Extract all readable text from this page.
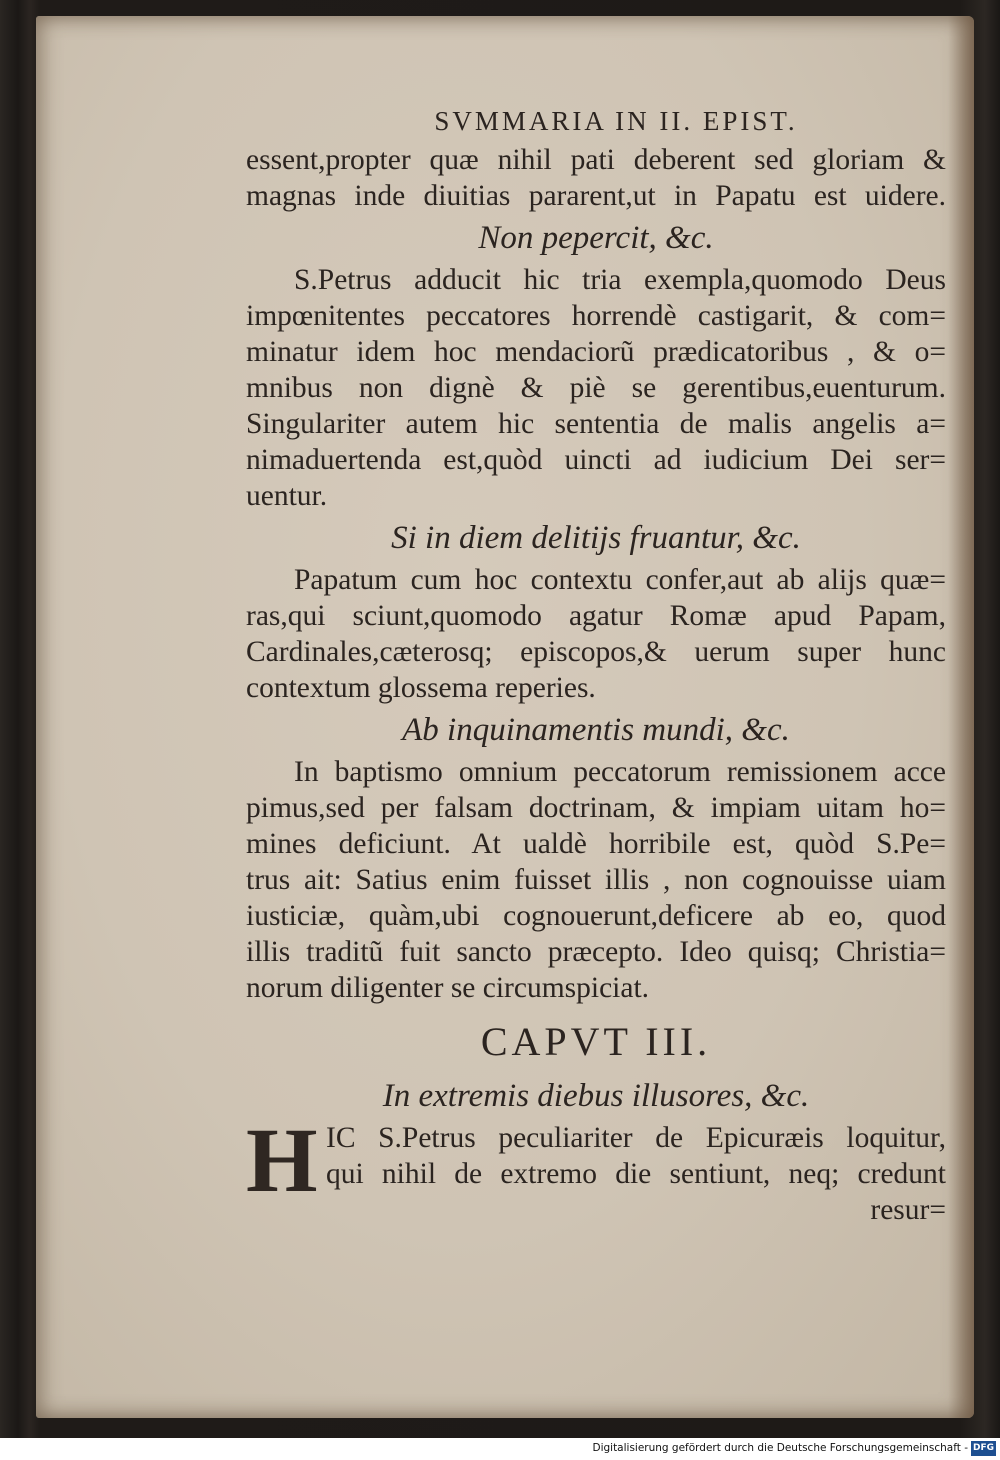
SVMMARIA IN II. EPIST.
essent,propter quæ nihil pati deberent sed gloriam &
magnas inde diuitias pararent,ut in Papatu est uidere.
Non pepercit, &c.
S.Petrus adducit hic tria exempla,quomodo Deus
impœnitentes peccatores horrendè castigarit, & com=
minatur idem hoc mendaciorũ prædicatoribus , & o=
mnibus non dignè & piè se gerentibus,euenturum.
Singulariter autem hic sententia de malis angelis a=
nimaduertenda est,quòd uincti ad iudicium Dei ser=
uentur.
Si in diem delitijs fruantur, &c.
Papatum cum hoc contextu confer,aut ab alijs quæ=
ras,qui sciunt,quomodo agatur Romæ apud Papam,
Cardinales,cæterosq; episcopos,& uerum super hunc
contextum glossema reperies.
Ab inquinamentis mundi, &c.
In baptismo omnium peccatorum remissionem acce
pimus,sed per falsam doctrinam, & impiam uitam ho=
mines deficiunt. At ualdè horribile est, quòd S.Pe=
trus ait: Satius enim fuisset illis , non cognouisse uiam
iusticiæ, quàm,ubi cognouerunt,deficere ab eo, quod
illis traditũ fuit sancto præcepto. Ideo quisq; Christia=
norum diligenter se circumspiciat.
CAPVT III.
In extremis diebus illusores, &c.
H IC S.Petrus peculiariter de Epicuræis loquitur,
qui nihil de extremo die sentiunt, neq; credunt
resur=
Digitalisierung gefördert durch die Deutsche Forschungsgemeinschaft - DFG
